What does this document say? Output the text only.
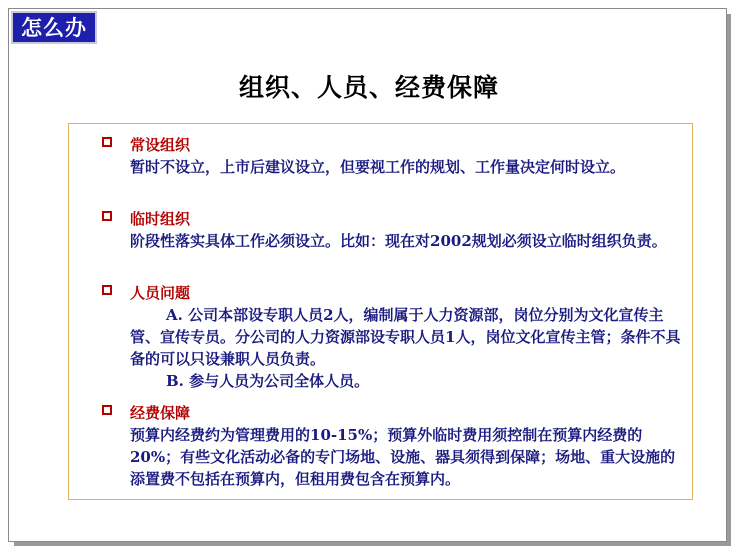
怎么办
组织、人员、经费保障
常设组织
暂时不设立，上市后建议设立，但要视工作的规划、工作量决定何时设立。
临时组织
阶段性落实具体工作必须设立。比如：现在对2002规划必须设立临时组织负责。
人员问题
A. 公司本部设专职人员2人，编制属于人力资源部，岗位分别为文化宣传主管、宣传专员。分公司的人力资源部设专职人员1人，岗位文化宣传主管；条件不具备的可以只设兼职人员负责。
B. 参与人员为公司全体人员。
经费保障
预算内经费约为管理费用的10-15%；预算外临时费用须控制在预算内经费的20%；有些文化活动必备的专门场地、设施、器具须得到保障；场地、重大设施的添置费不包括在预算内，但租用费包含在预算内。
